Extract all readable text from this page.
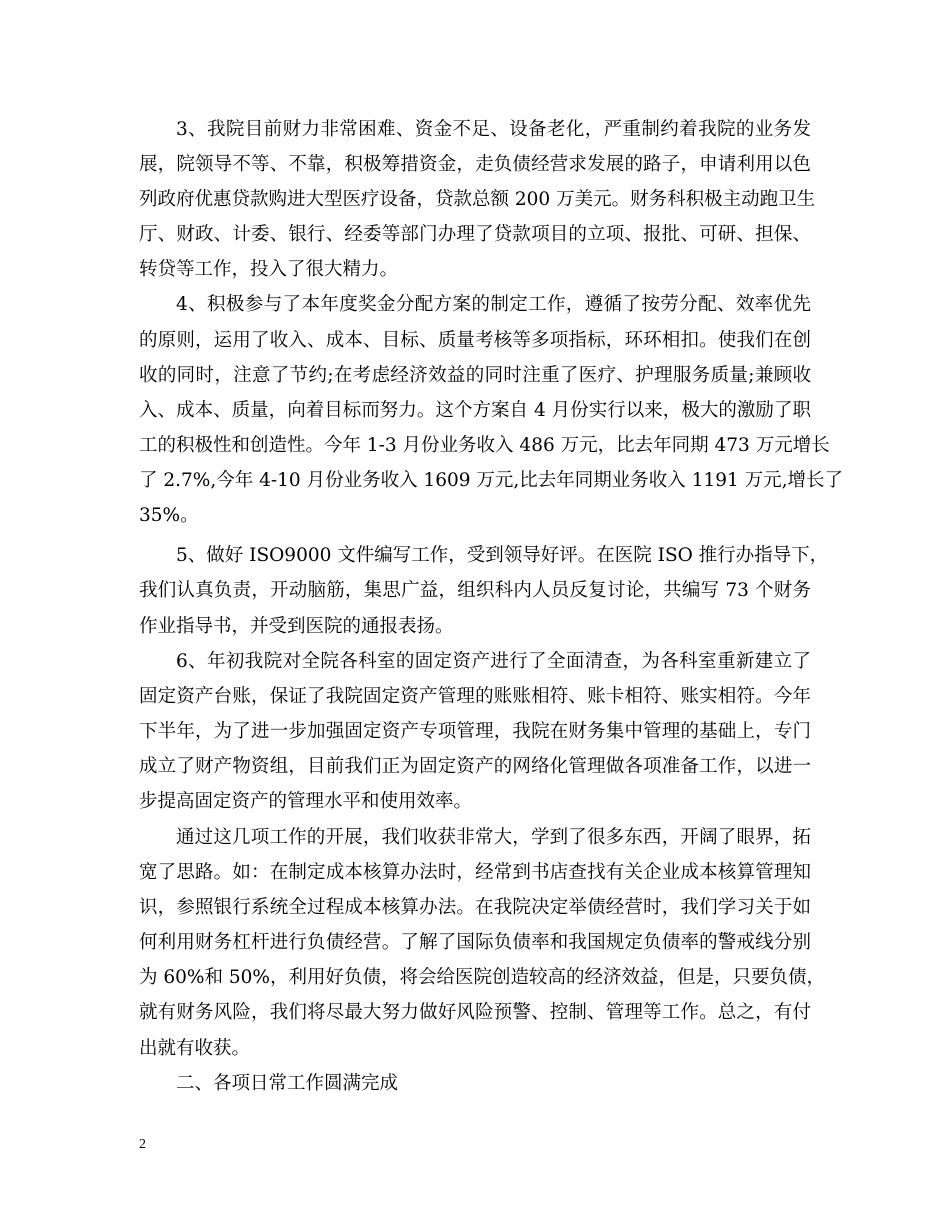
3、我院目前财力非常困难、资金不足、设备老化，严重制约着我院的业务发
展，院领导不等、不靠，积极筹措资金，走负债经营求发展的路子，申请利用以色
列政府优惠贷款购进大型医疗设备，贷款总额 200 万美元。财务科积极主动跑卫生
厅、财政、计委、银行、经委等部门办理了贷款项目的立项、报批、可研、担保、
转贷等工作，投入了很大精力。
4、积极参与了本年度奖金分配方案的制定工作，遵循了按劳分配、效率优先
的原则，运用了收入、成本、目标、质量考核等多项指标，环环相扣。使我们在创
收的同时，注意了节约;在考虑经济效益的同时注重了医疗、护理服务质量;兼顾收
入、成本、质量，向着目标而努力。这个方案自 4 月份实行以来，极大的激励了职
工的积极性和创造性。今年 1-3 月份业务收入 486 万元，比去年同期 473 万元增长
了 2.7%,今年 4-10 月份业务收入 1609 万元,比去年同期业务收入 1191 万元,增长了
35%。
5、做好 ISO9000 文件编写工作，受到领导好评。在医院 ISO 推行办指导下，
我们认真负责，开动脑筋，集思广益，组织科内人员反复讨论，共编写 73 个财务
作业指导书，并受到医院的通报表扬。
6、年初我院对全院各科室的固定资产进行了全面清查，为各科室重新建立了
固定资产台账，保证了我院固定资产管理的账账相符、账卡相符、账实相符。今年
下半年，为了进一步加强固定资产专项管理，我院在财务集中管理的基础上，专门
成立了财产物资组，目前我们正为固定资产的网络化管理做各项准备工作，以进一
步提高固定资产的管理水平和使用效率。
通过这几项工作的开展，我们收获非常大，学到了很多东西，开阔了眼界，拓
宽了思路。如：在制定成本核算办法时，经常到书店查找有关企业成本核算管理知
识，参照银行系统全过程成本核算办法。在我院决定举债经营时，我们学习关于如
何利用财务杠杆进行负债经营。了解了国际负债率和我国规定负债率的警戒线分别
为 60%和 50%，利用好负债，将会给医院创造较高的经济效益，但是，只要负债，
就有财务风险，我们将尽最大努力做好风险预警、控制、管理等工作。总之，有付
出就有收获。
二、各项日常工作圆满完成
2
